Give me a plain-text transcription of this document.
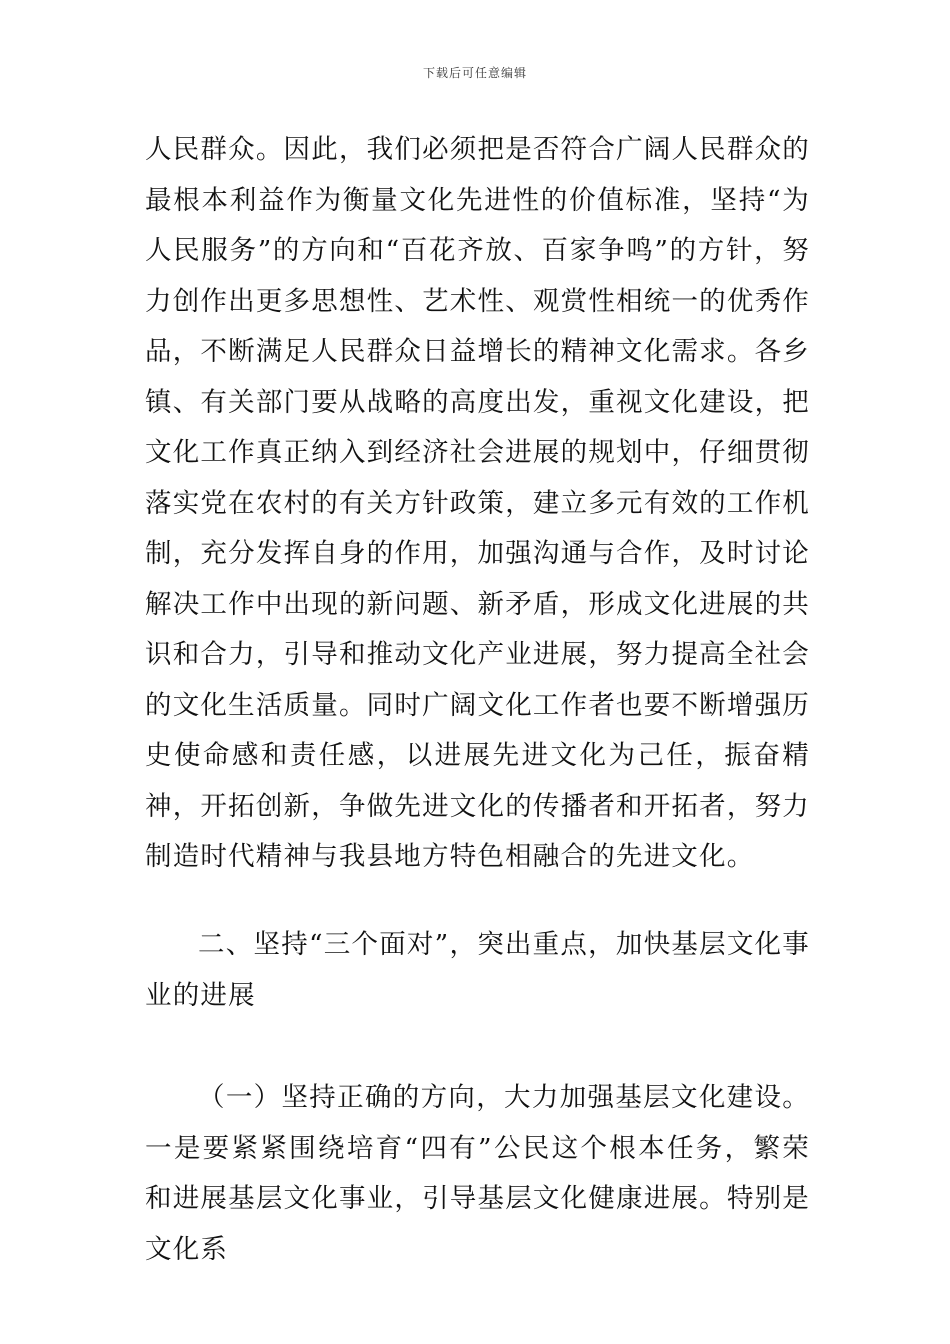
下载后可任意编辑

人民群众。因此，我们必须把是否符合广阔人民群众的最根本利益作为衡量文化先进性的价值标准，坚持“为人民服务”的方向和“百花齐放、百家争鸣”的方针，努力创作出更多思想性、艺术性、观赏性相统一的优秀作品，不断满足人民群众日益增长的精神文化需求。各乡镇、有关部门要从战略的高度出发，重视文化建设，把文化工作真正纳入到经济社会进展的规划中，仔细贯彻落实党在农村的有关方针政策，建立多元有效的工作机制，充分发挥自身的作用，加强沟通与合作，及时讨论解决工作中出现的新问题、新矛盾，形成文化进展的共识和合力，引导和推动文化产业进展，努力提高全社会的文化生活质量。同时广阔文化工作者也要不断增强历史使命感和责任感，以进展先进文化为己任，振奋精神，开拓创新，争做先进文化的传播者和开拓者，努力制造时代精神与我县地方特色相融合的先进文化。

二、坚持“三个面对”，突出重点，加快基层文化事业的进展

（一）坚持正确的方向，大力加强基层文化建设。一是要紧紧围绕培育“四有”公民这个根本任务，繁荣和进展基层文化事业，引导基层文化健康进展。特别是文化系
